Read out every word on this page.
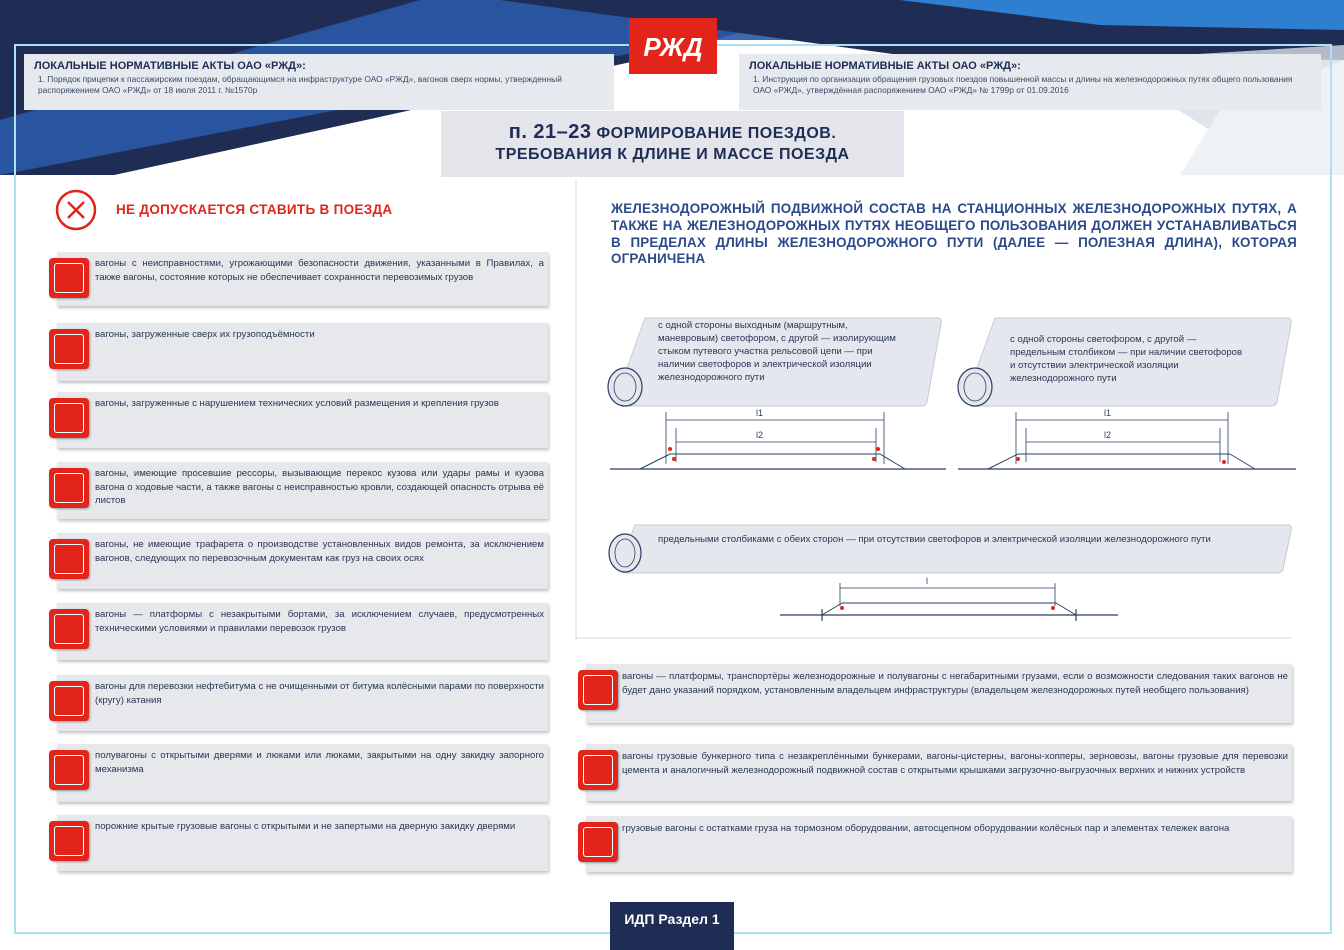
ЛОКАЛЬНЫЕ НОРМАТИВНЫЕ АКТЫ ОАО «РЖД»:
1. Порядок прицепки к пассажирским поездам, обращающимся на инфраструктуре ОАО «РЖД», вагонов сверх нормы, утвержденный распоряжением ОАО «РЖД» от 18 июля 2011 г. №1570р
ЛОКАЛЬНЫЕ НОРМАТИВНЫЕ АКТЫ ОАО «РЖД»:
1. Инструкция по организации обращения грузовых поездов повышенной массы и длины на железнодорожных путях общего пользования ОАО «РЖД», утверждённая распоряжением ОАО «РЖД» № 1799р от 01.09.2016
РЖД
п. 21–23 ФОРМИРОВАНИЕ ПОЕЗДОВ.
ТРЕБОВАНИЯ К ДЛИНЕ И МАССЕ ПОЕЗДА
НЕ ДОПУСКАЕТСЯ СТАВИТЬ В ПОЕЗДА
вагоны с неисправностями, угрожающими безопасности движения, указанными в Правилах, а также вагоны, состояние которых не обеспечивает сохранности перевозимых грузов
вагоны, загруженные сверх их грузоподъёмности
вагоны, загруженные с нарушением технических условий размещения и крепления грузов
вагоны, имеющие просевшие рессоры, вызывающие перекос кузова или удары рамы и кузова вагона о ходовые части, а также вагоны с неисправностью кровли, создающей опасность отрыва её листов
вагоны, не имеющие трафарета о производстве установленных видов ремонта, за исключением вагонов, следующих по перевозочным документам как груз на своих осях
вагоны — платформы с незакрытыми бортами, за исключением случаев, предусмотренных техническими условиями и правилами перевозок грузов
вагоны для перевозки нефтебитума с не очищенными от битума колёсными парами по поверхности (кругу) катания
полувагоны с открытыми дверями и люками или люками, закрытыми на одну закидку запорного механизма
порожние крытые грузовые вагоны с открытыми и не запертыми на дверную закидку дверями
ЖЕЛЕЗНОДОРОЖНЫЙ ПОДВИЖНОЙ СОСТАВ НА СТАНЦИОННЫХ ЖЕЛЕЗНОДОРОЖНЫХ ПУТЯХ, А ТАКЖЕ НА ЖЕЛЕЗНОДОРОЖНЫХ ПУТЯХ НЕОБЩЕГО ПОЛЬЗОВАНИЯ ДОЛЖЕН УСТАНАВЛИВАТЬСЯ В ПРЕДЕЛАХ ДЛИНЫ ЖЕЛЕЗНОДОРОЖНОГО ПУТИ (ДАЛЕЕ — ПОЛЕЗНАЯ ДЛИНА), КОТОРАЯ ОГРАНИЧЕНА
с одной стороны выходным (маршрутным, маневровым) светофором, с другой — изолирующим стыком путевого участка рельсовой цепи — при наличии светофоров и электрической изоляции железнодорожного пути
с одной стороны светофором, с другой — предельным столбиком — при наличии светофоров и отсутствии электрической изоляции железнодорожного пути
l1
l2
l1
l2
предельными столбиками с обеих сторон — при отсутствии светофоров и электрической изоляции железнодорожного пути
l
вагоны — платформы, транспортёры железнодорожные и полувагоны с негабаритными грузами, если о возможности следования таких вагонов не будет дано указаний порядком, установленным владельцем инфраструктуры (владельцем железнодорожных путей необщего пользования)
вагоны грузовые бункерного типа с незакреплёнными бункерами, вагоны-цистерны, вагоны-хопперы, зерновозы, вагоны грузовые для перевозки цемента и аналогичный железнодорожный подвижной состав с открытыми крышками загрузочно-выгрузочных верхних и нижних устройств
грузовые вагоны с остатками груза на тормозном оборудовании, автосцепном оборудовании колёсных пар и элементах тележек вагона
ИДП Раздел 1
